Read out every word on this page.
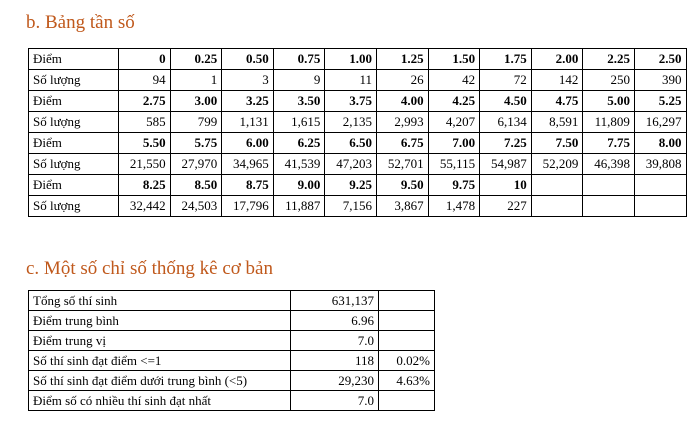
b. Bảng tần số
Điểm	0	0.25	0.50	0.75	1.00	1.25	1.50	1.75	2.00	2.25	2.50
Số lượng	94	1	3	9	11	26	42	72	142	250	390
Điểm	2.75	3.00	3.25	3.50	3.75	4.00	4.25	4.50	4.75	5.00	5.25
Số lượng	585	799	1,131	1,615	2,135	2,993	4,207	6,134	8,591	11,809	16,297
Điểm	5.50	5.75	6.00	6.25	6.50	6.75	7.00	7.25	7.50	7.75	8.00
Số lượng	21,550	27,970	34,965	41,539	47,203	52,701	55,115	54,987	52,209	46,398	39,808
Điểm	8.25	8.50	8.75	9.00	9.25	9.50	9.75	10			
Số lượng	32,442	24,503	17,796	11,887	7,156	3,867	1,478	227			
c. Một số chỉ số thống kê cơ bản
Tổng số thí sinh	631,137	
Điểm trung bình	6.96	
Điểm trung vị	7.0	
Số thí sinh đạt điểm <=1	118	0.02%
Số thí sinh đạt điểm dưới trung bình (<5)	29,230	4.63%
Điểm số có nhiều thí sinh đạt nhất	7.0	
